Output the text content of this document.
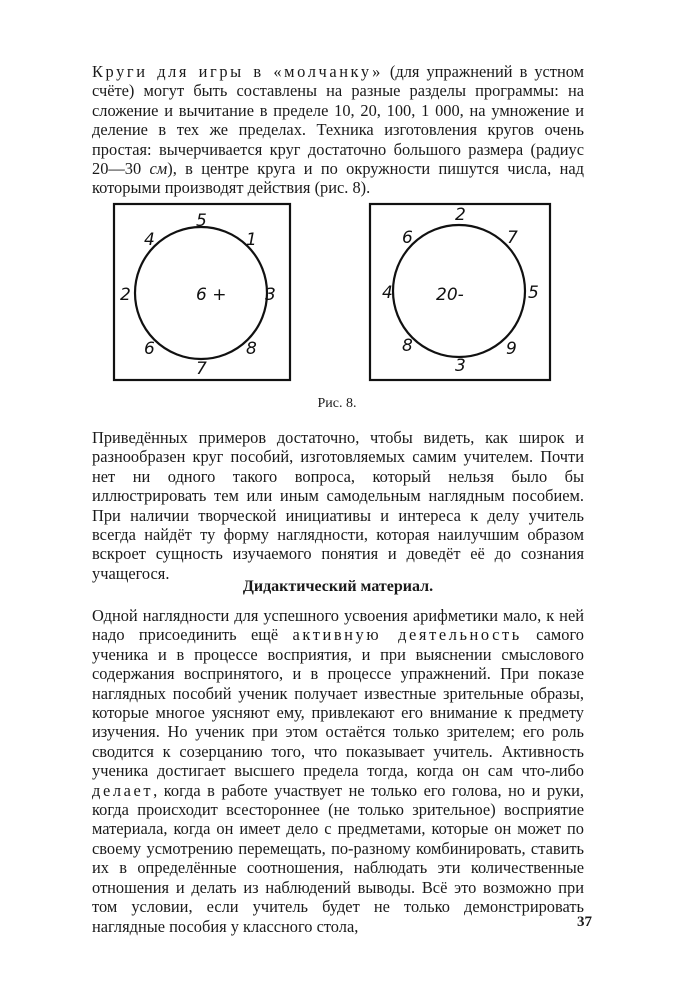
Круги для игры в «молчанку» (для упражнений в устном счёте) могут быть составлены на разные разделы программы: на сложение и вычитание в пределе 10, 20, 100, 1 000, на умножение и деление в тех же пределах. Техника изготовления кругов очень простая: вычерчивается круг достаточно большого размера (радиус 20—30 см), в центре круга и по окружности пишутся числа, над которыми производят действия (рис. 8).

6 +
5
1
3
8
7
6
2
4
20-
2
7
5
9
3
8
4
6
Рис. 8.

Приведённых примеров достаточно, чтобы видеть, как широк и разнообразен круг пособий, изготовляемых самим учителем. Почти нет ни одного такого вопроса, который нельзя было бы иллюстрировать тем или иным самодельным наглядным пособием. При наличии творческой инициативы и интереса к делу учитель всегда найдёт ту форму наглядности, которая наилучшим образом вскроет сущность изучаемого понятия и доведёт её до сознания учащегося.

Дидактический материал.

Одной наглядности для успешного усвоения арифметики мало, к ней надо присоединить ещё активную деятельность самого ученика и в процессе восприятия, и при выяснении смыслового содержания воспринятого, и в процессе упражнений. При показе наглядных пособий ученик получает известные зрительные образы, которые многое уясняют ему, привлекают его внимание к предмету изучения. Но ученик при этом остаётся только зрителем; его роль сводится к созерцанию того, что показывает учитель. Активность ученика достигает высшего предела тогда, когда он сам что-либо делает, когда в работе участвует не только его голова, но и руки, когда происходит всестороннее (не только зрительное) восприятие материала, когда он имеет дело с предметами, которые он может по своему усмотрению перемещать, по-разному комбинировать, ставить их в определённые соотношения, наблюдать эти количественные отношения и делать из наблюдений выводы. Всё это возможно при том условии, если учитель будет не только демонстрировать наглядные пособия у классного стола,	37
